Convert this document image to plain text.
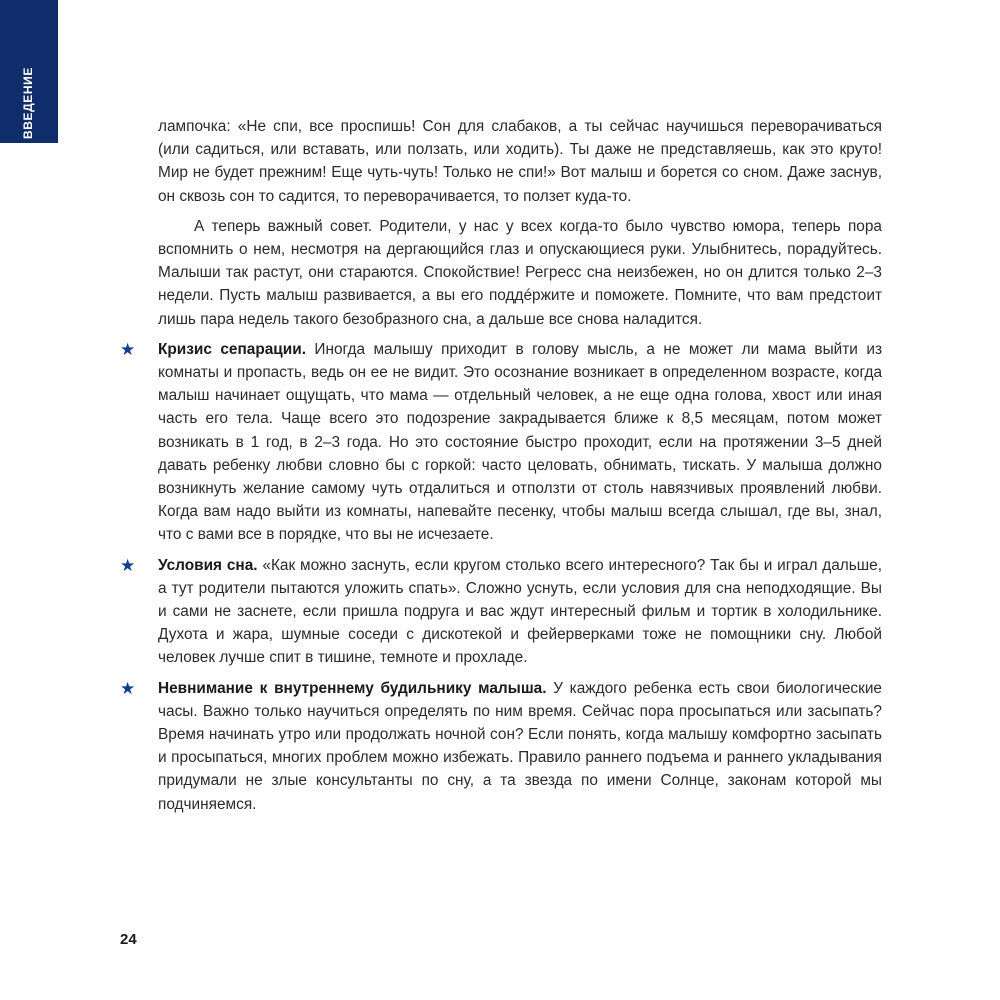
ВВЕДЕНИЕ	лампочка: «Не спи, все проспишь! Сон для слабаков, а ты сейчас научишься переворачиваться (или садиться, или вставать, или ползать, или ходить). Ты даже не представляешь, как это круто! Мир не будет прежним! Еще чуть-чуть! Только не спи!» Вот малыш и борется со сном. Даже заснув, он сквозь сон то садится, то переворачивается, то ползет куда-то.

А теперь важный совет. Родители, у нас у всех когда-то было чувство юмора, теперь пора вспомнить о нем, несмотря на дергающийся глаз и опускающиеся руки. Улыбнитесь, порадуйтесь. Малыши так растут, они стараются. Спокойствие! Регресс сна неизбежен, но он длится только 2–3 недели. Пусть малыш развивается, а вы его поддéржите и поможете. Помните, что вам предстоит лишь пара недель такого безобразного сна, а дальше все снова наладится.

★ Кризис сепарации. Иногда малышу приходит в голову мысль, а не может ли мама выйти из комнаты и пропасть, ведь он ее не видит. Это осознание возникает в определенном возрасте, когда малыш начинает ощущать, что мама — отдельный человек, а не еще одна голова, хвост или иная часть его тела. Чаще всего это подозрение закрадывается ближе к 8,5 месяцам, потом может возникать в 1 год, в 2–3 года. Но это состояние быстро проходит, если на протяжении 3–5 дней давать ребенку любви словно бы с горкой: часто целовать, обнимать, тискать. У малыша должно возникнуть желание самому чуть отдалиться и отползти от столь навязчивых проявлений любви. Когда вам надо выйти из комнаты, напевайте песенку, чтобы малыш всегда слышал, где вы, знал, что с вами все в порядке, что вы не исчезаете.

★ Условия сна. «Как можно заснуть, если кругом столько всего интересного? Так бы и играл дальше, а тут родители пытаются уложить спать». Сложно уснуть, если условия для сна неподходящие. Вы и сами не заснете, если пришла подруга и вас ждут интересный фильм и тортик в холодильнике. Духота и жара, шумные соседи с дискотекой и фейерверками тоже не помощники сну. Любой человек лучше спит в тишине, темноте и прохладе.

★ Невнимание к внутреннему будильнику малыша. У каждого ребенка есть свои биологические часы. Важно только научиться определять по ним время. Сейчас пора просыпаться или засыпать? Время начинать утро или продолжать ночной сон? Если понять, когда малышу комфортно засыпать и просыпаться, многих проблем можно избежать. Правило раннего подъема и раннего укладывания придумали не злые консультанты по сну, а та звезда по имени Солнце, законам которой мы подчиняемся.

24
